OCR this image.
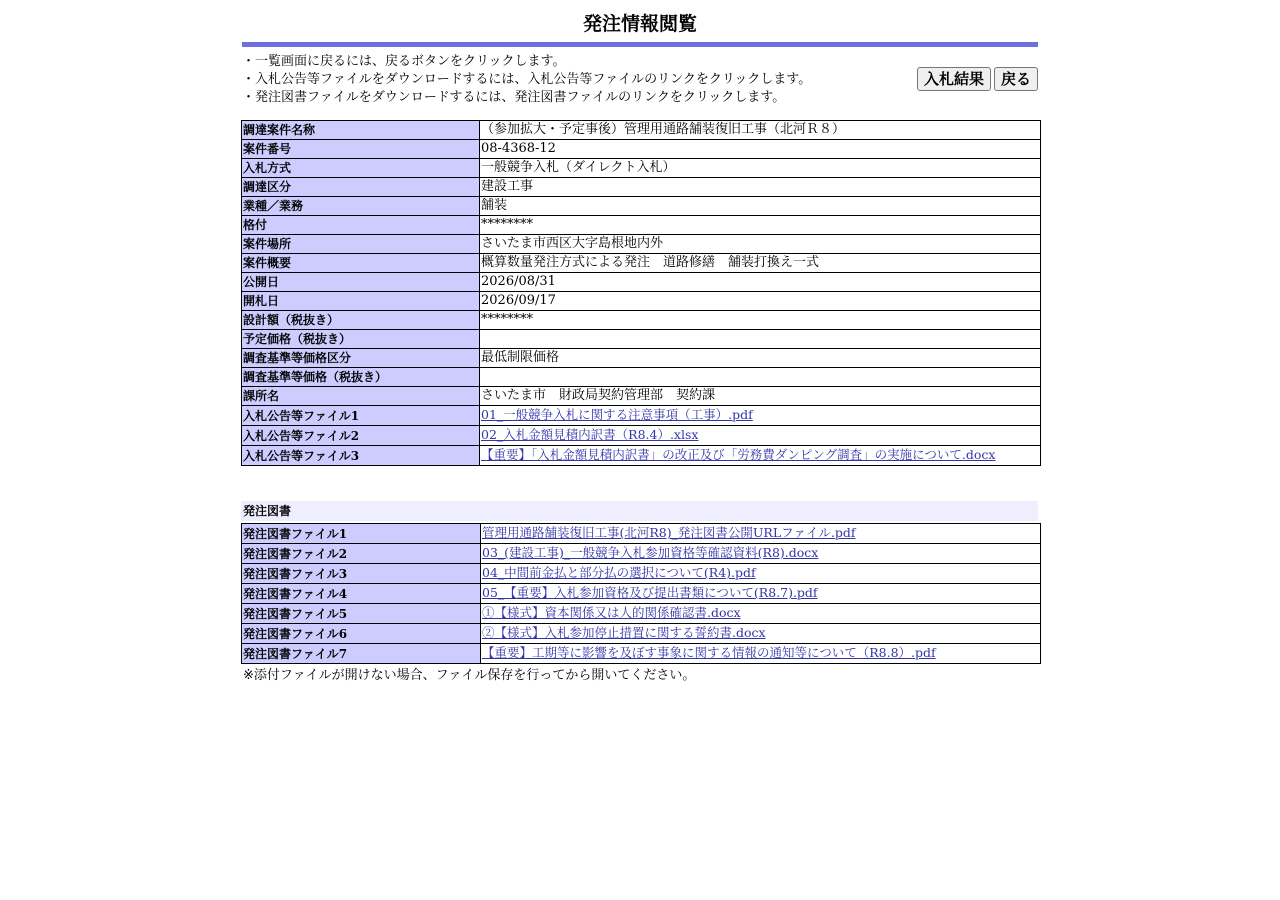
発注情報閲覧

・一覧画面に戻るには、戻るボタンをクリックします。

・入札公告等ファイルをダウンロードするには、入札公告等ファイルのリンクをクリックします。

・発注図書ファイルをダウンロードするには、発注図書ファイルのリンクをクリックします。

入札結果	戻る
調達案件名称	（参加拡大・予定事後）管理用通路舗装復旧工事（北河Ｒ８）
案件番号	08-4368-12
入札方式	一般競争入札（ダイレクト入札）
調達区分	建設工事
業種／業務	舗装
格付	********
案件場所	さいたま市西区大字島根地内外
案件概要	概算数量発注方式による発注　道路修繕　舗装打換え一式
公開日	2026/08/31
開札日	2026/09/17
設計額（税抜き）	********
予定価格（税抜き）	
調査基準等価格区分	最低制限価格
調査基準等価格（税抜き）	
課所名	さいたま市　財政局契約管理部　契約課
入札公告等ファイル1	01_一般競争入札に関する注意事項（工事）.pdf
入札公告等ファイル2	02_入札金額見積内訳書（R8.4）.xlsx
入札公告等ファイル3	【重要】「入札金額見積内訳書」の改正及び「労務費ダンピング調査」の実施について.docx
発注図書
発注図書ファイル1	管理用通路舗装復旧工事(北河R8)_発注図書公開URLファイル.pdf
発注図書ファイル2	03_(建設工事)_一般競争入札参加資格等確認資料(R8).docx
発注図書ファイル3	04_中間前金払と部分払の選択について(R4).pdf
発注図書ファイル4	05_【重要】入札参加資格及び提出書類について(R8.7).pdf
発注図書ファイル5	①【様式】資本関係又は人的関係確認書.docx
発注図書ファイル6	②【様式】入札参加停止措置に関する誓約書.docx
発注図書ファイル7	【重要】工期等に影響を及ぼす事象に関する情報の通知等について（R8.8）.pdf

※添付ファイルが開けない場合、ファイル保存を行ってから開いてください。
